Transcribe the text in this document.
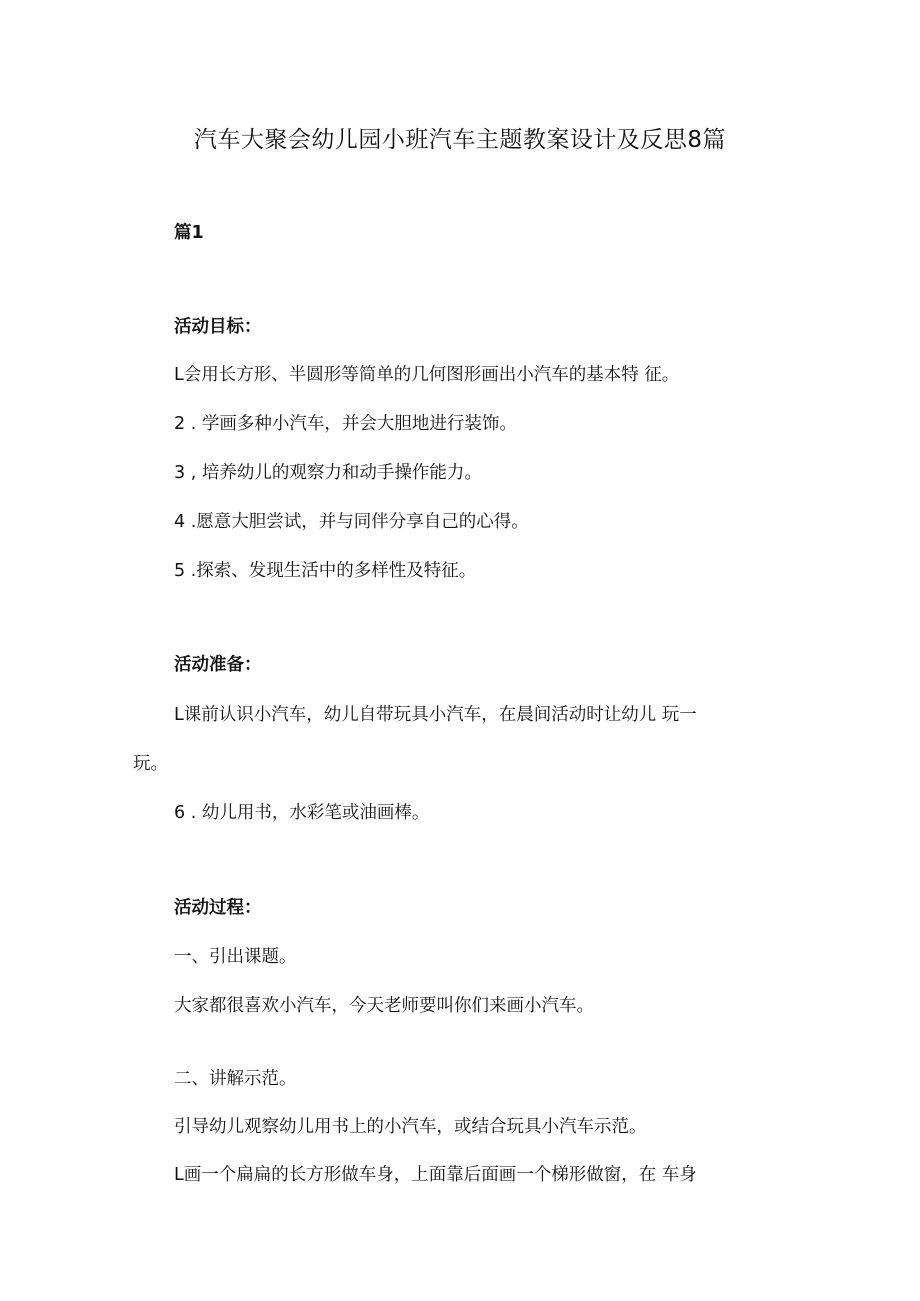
汽车大聚会幼儿园小班汽车主题教案设计及反思8篇
篇1
活动目标：
L会用长方形、半圆形等简单的几何图形画出小汽车的基本特 征。
2 . 学画多种小汽车，并会大胆地进行装饰。
3 , 培养幼儿的观察力和动手操作能力。
4 .愿意大胆尝试，并与同伴分享自己的心得。
5 .探索、发现生活中的多样性及特征。
活动准备：
L课前认识小汽车，幼儿自带玩具小汽车，在晨间活动时让幼儿 玩一
玩。
6 . 幼儿用书，水彩笔或油画棒。
活动过程：
一、引出课题。
大家都很喜欢小汽车，今天老师要叫你们来画小汽车。
二、讲解示范。
引导幼儿观察幼儿用书上的小汽车，或结合玩具小汽车示范。
L画一个扁扁的长方形做车身，上面靠后面画一个梯形做窗，在 车身
